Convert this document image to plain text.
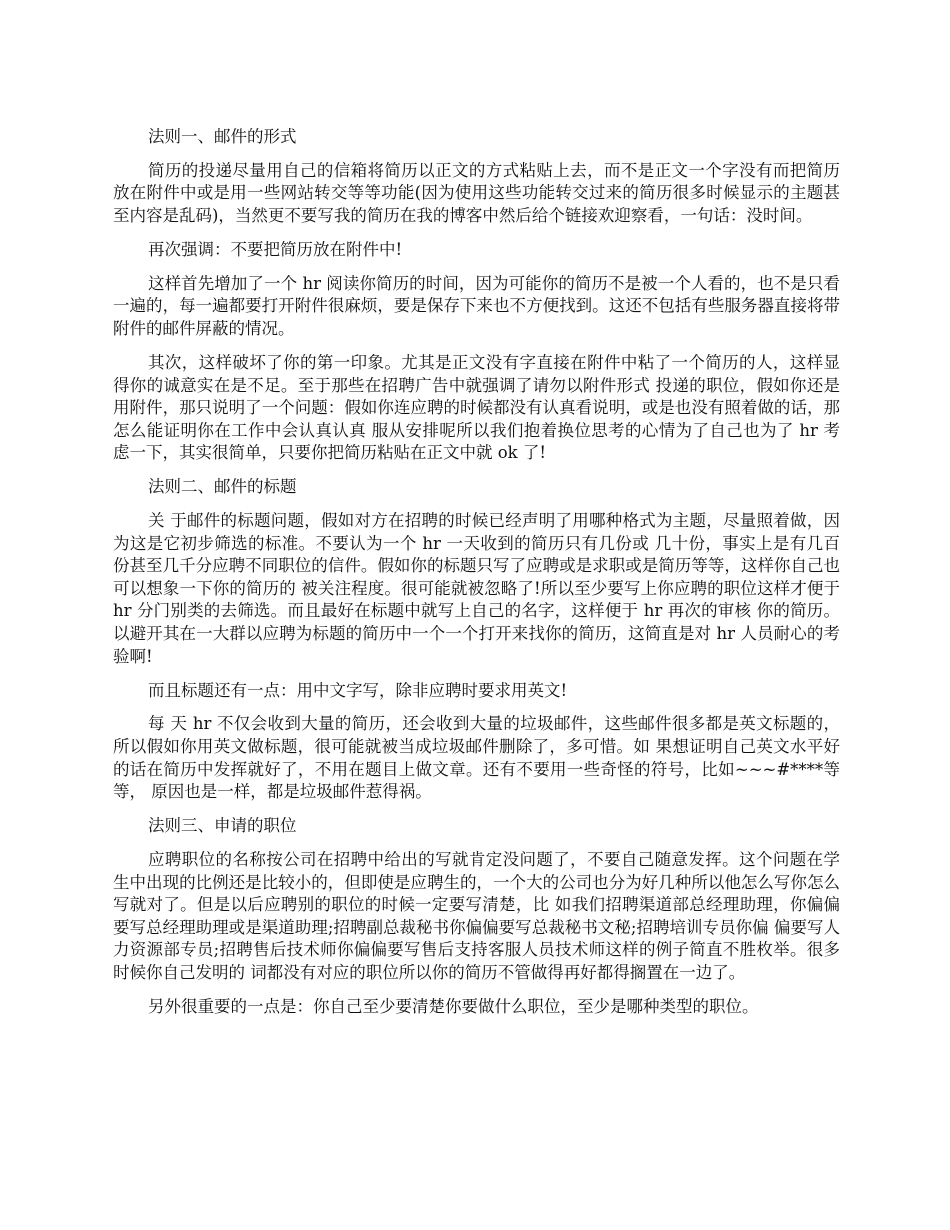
法则一、邮件的形式

简历的投递尽量用自己的信箱将简历以正文的方式粘贴上去，而不是正文一个字没有而把简历放在附件中或是用一些网站转交等等功能(因为使用这些功能转交过来的简历很多时候显示的主题甚至内容是乱码)，当然更不要写我的简历在我的博客中然后给个链接欢迎察看，一句话：没时间。

再次强调：不要把简历放在附件中!

这样首先增加了一个 hr 阅读你简历的时间，因为可能你的简历不是被一个人看的，也不是只看一遍的，每一遍都要打开附件很麻烦，要是保存下来也不方便找到。这还不包括有些服务器直接将带附件的邮件屏蔽的情况。

其次，这样破坏了你的第一印象。尤其是正文没有字直接在附件中粘了一个简历的人，这样显得你的诚意实在是不足。至于那些在招聘广告中就强调了请勿以附件形式 投递的职位，假如你还是用附件，那只说明了一个问题：假如你连应聘的时候都没有认真看说明，或是也没有照着做的话，那怎么能证明你在工作中会认真认真 服从安排呢所以我们抱着换位思考的心情为了自己也为了 hr 考虑一下，其实很简单，只要你把简历粘贴在正文中就 ok 了!

法则二、邮件的标题

关 于邮件的标题问题，假如对方在招聘的时候已经声明了用哪种格式为主题，尽量照着做，因为这是它初步筛选的标准。不要认为一个 hr 一天收到的简历只有几份或 几十份，事实上是有几百份甚至几千分应聘不同职位的信件。假如你的标题只写了应聘或是求职或是简历等等，这样你自己也可以想象一下你的简历的 被关注程度。很可能就被忽略了!所以至少要写上你应聘的职位这样才便于 hr 分门别类的去筛选。而且最好在标题中就写上自己的名字，这样便于 hr 再次的审核 你的简历。以避开其在一大群以应聘为标题的简历中一个一个打开来找你的简历，这简直是对 hr 人员耐心的考验啊!

而且标题还有一点：用中文字写，除非应聘时要求用英文!

每 天 hr 不仅会收到大量的简历，还会收到大量的垃圾邮件，这些邮件很多都是英文标题的，所以假如你用英文做标题，很可能就被当成垃圾邮件删除了，多可惜。如 果想证明自己英文水平好的话在简历中发挥就好了，不用在题目上做文章。还有不要用一些奇怪的符号，比如~~~#****等等， 原因也是一样，都是垃圾邮件惹得祸。

法则三、申请的职位

应聘职位的名称按公司在招聘中给出的写就肯定没问题了，不要自己随意发挥。这个问题在学 生中出现的比例还是比较小的，但即使是应聘生的，一个大的公司也分为好几种所以他怎么写你怎么写就对了。但是以后应聘别的职位的时候一定要写清楚，比 如我们招聘渠道部总经理助理，你偏偏要写总经理助理或是渠道助理;招聘副总裁秘书你偏偏要写总裁秘书文秘;招聘培训专员你偏 偏要写人力资源部专员;招聘售后技术师你偏偏要写售后支持客服人员技术师这样的例子简直不胜枚举。很多时候你自己发明的 词都没有对应的职位所以你的简历不管做得再好都得搁置在一边了。

另外很重要的一点是：你自己至少要清楚你要做什么职位，至少是哪种类型的职位。
